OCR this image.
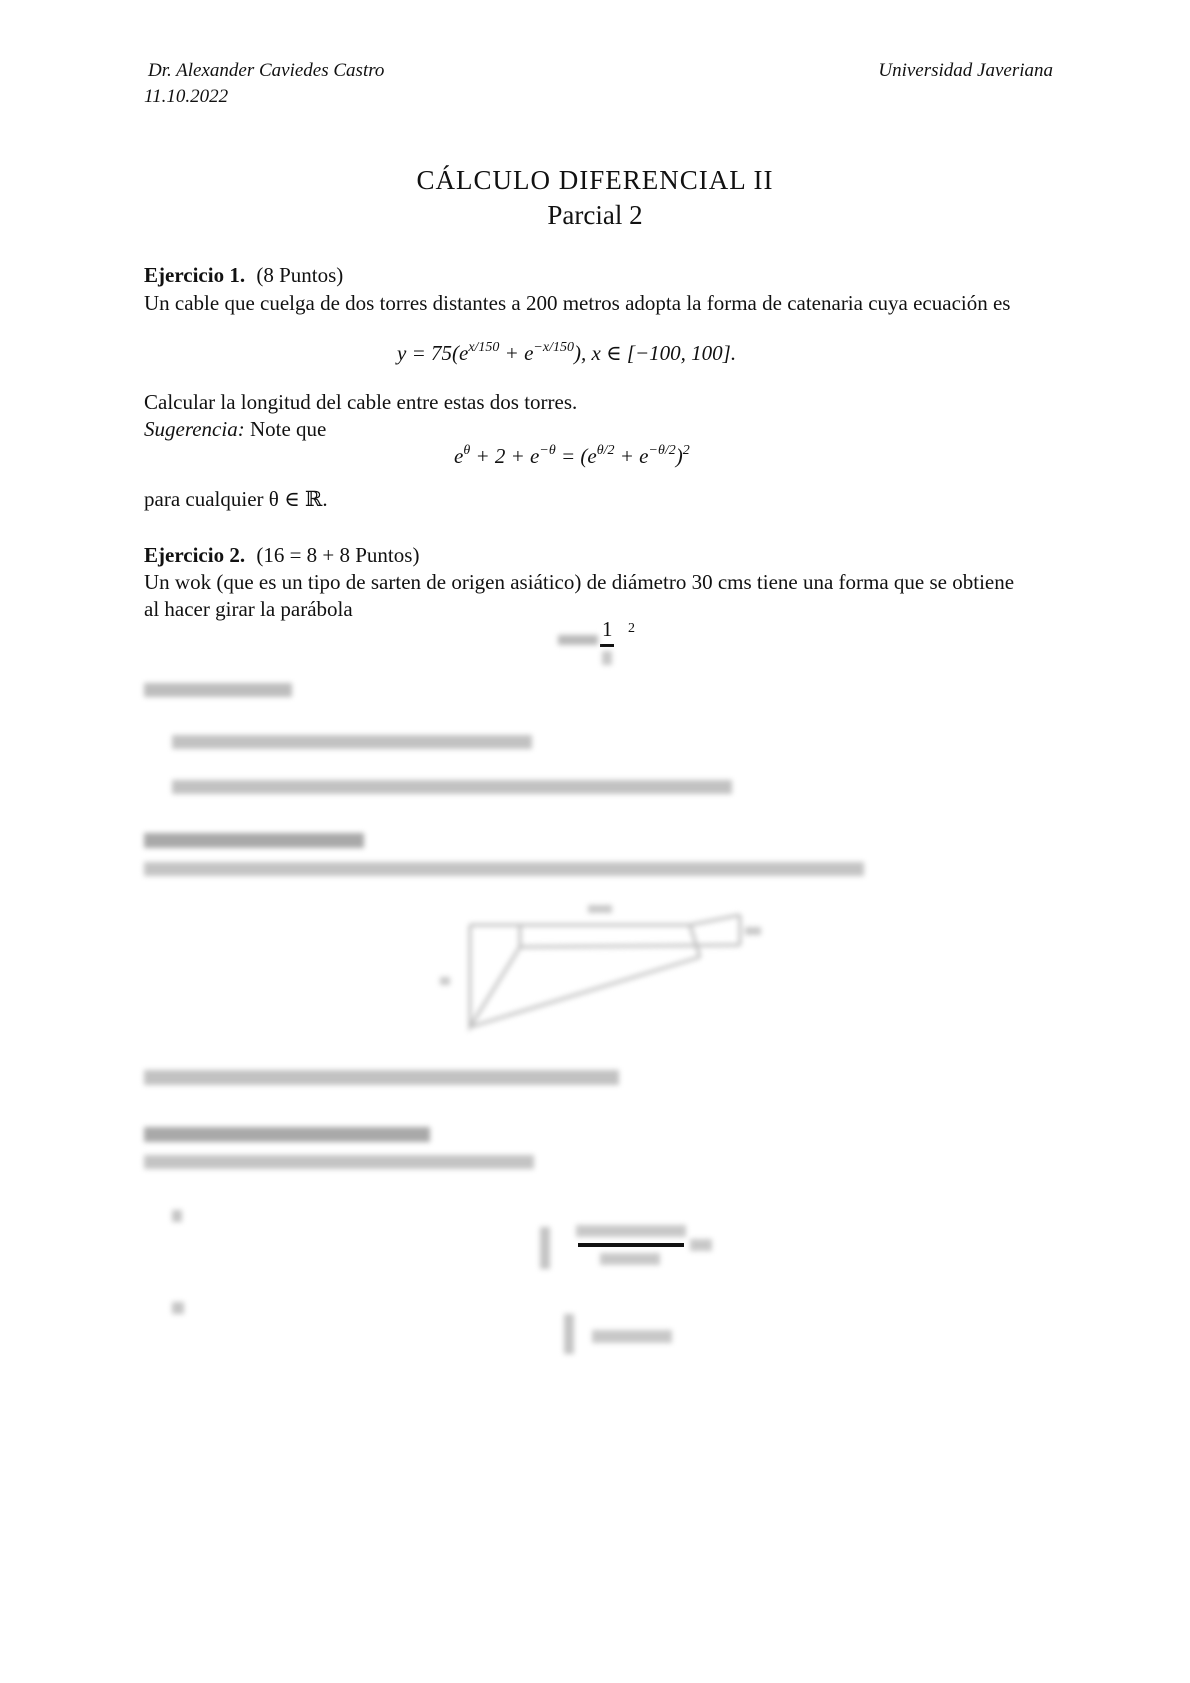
Dr. Alexander Caviedes Castro
11.10.2022
Universidad Javeriana
CÁLCULO DIFERENCIAL II
Parcial 2
Ejercicio 1. (8 Puntos)
Un cable que cuelga de dos torres distantes a 200 metros adopta la forma de catenaria cuya ecuación es
$y = 75(e^{x/150} + e^{-x/150})$, x ∈ [−100, 100].
Calcular la longitud del cable entre estas dos torres.
Sugerencia: Note que
$e^\theta + 2 + e^{-\theta} = (e^{\theta/2} + e^{-\theta/2})^2$
para cualquier θ ∈ ℝ.
Ejercicio 2. (16 = 8 + 8 Puntos)
Un wok (que es un tipo de sarten de origen asiático) de diámetro 30 cms tiene una forma que se obtiene
al hacer girar la parábola
1 2
